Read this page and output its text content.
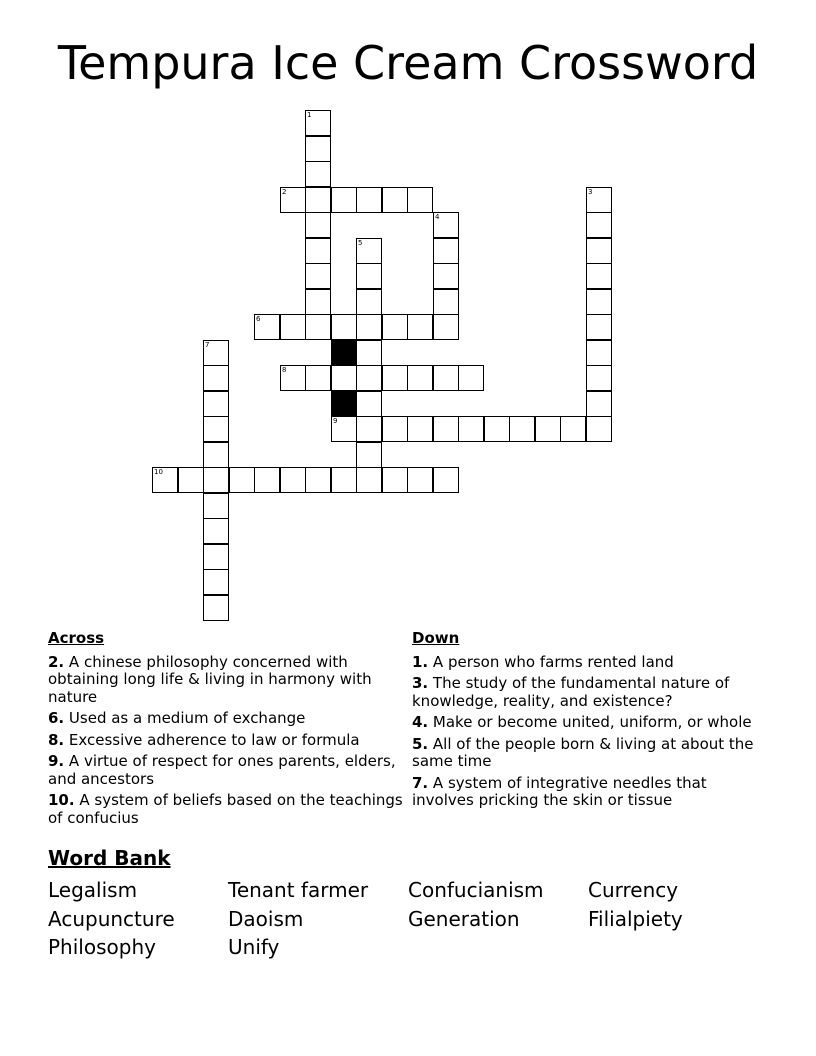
Tempura Ice Cream Crossword
1
3
4
5
7
2
6
8
9
10
Across
2. A chinese philosophy concerned with obtaining long life & living in harmony with nature
6. Used as a medium of exchange
8. Excessive adherence to law or formula
9. A virtue of respect for ones parents, elders, and ancestors
10. A system of beliefs based on the teachings of confucius
Down
1. A person who farms rented land
3. The study of the fundamental nature of knowledge, reality, and existence?
4. Make or become united, uniform, or whole
5. All of the people born & living at about the same time
7. A system of integrative needles that involves pricking the skin or tissue
Word Bank
Legalism	Tenant farmer	Confucianism	Currency
Acupuncture	Daoism	Generation	Filialpiety
Philosophy	Unify
